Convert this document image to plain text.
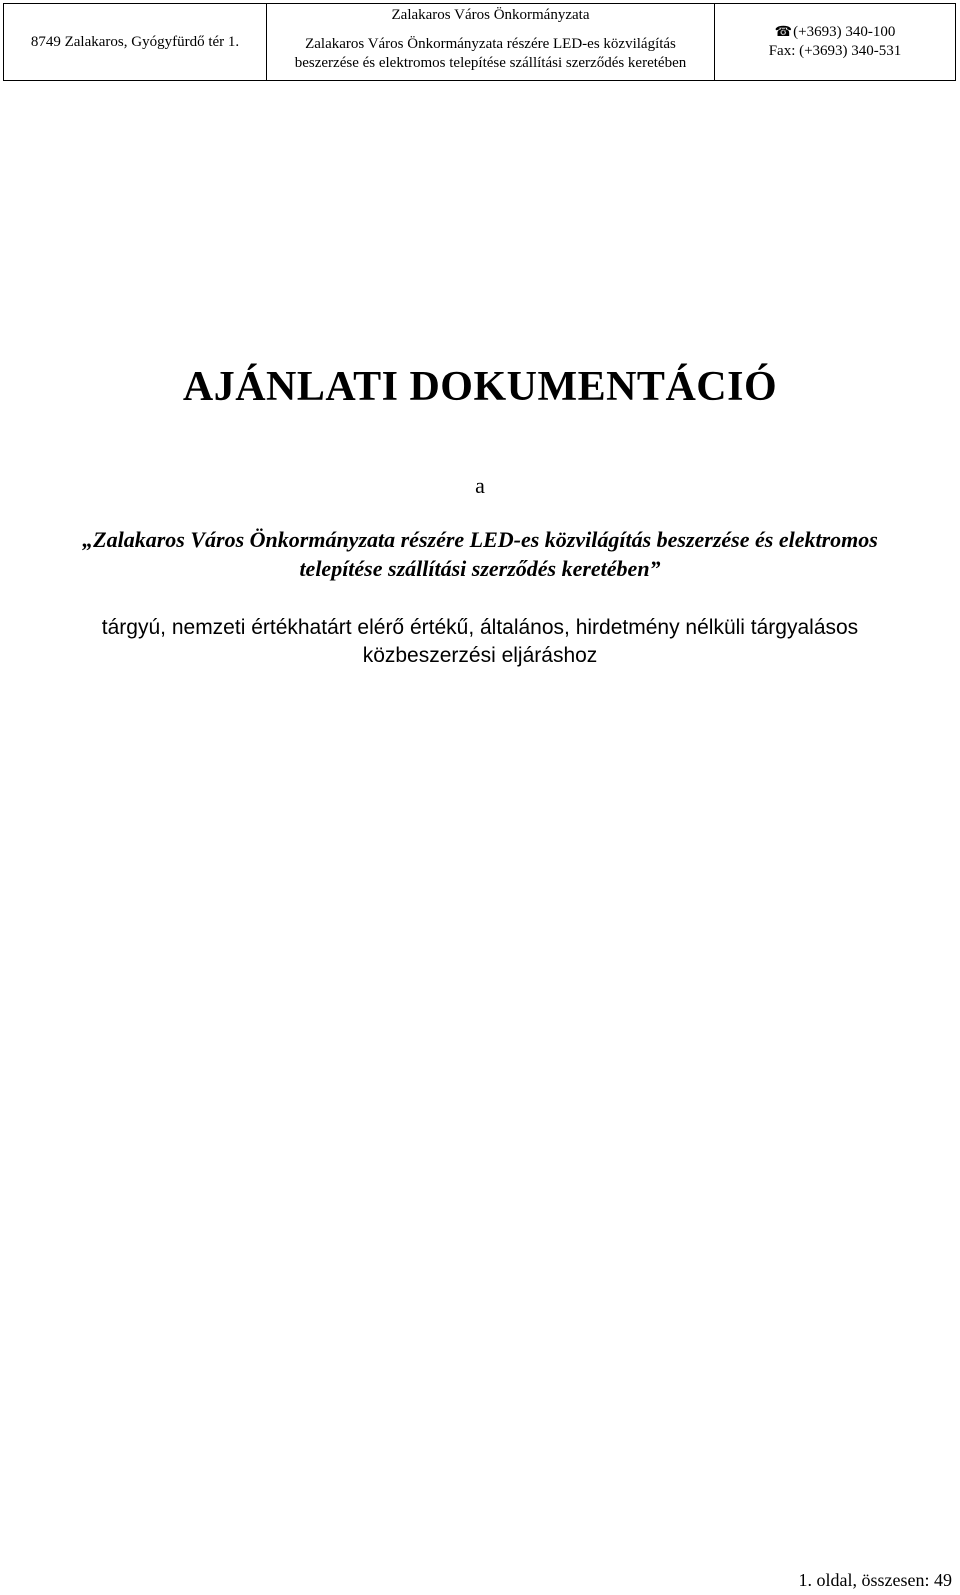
8749 Zalakaros, Gyógyfürdő tér 1.
Zalakaros Város Önkormányzata
Zalakaros Város Önkormányzata részére LED-es közvilágítás
beszerzése és elektromos telepítése szállítási szerződés keretében
☎(+3693) 340-100
Fax: (+3693) 340-531
AJÁNLATI DOKUMENTÁCIÓ
a
„Zalakaros Város Önkormányzata részére LED-es közvilágítás beszerzése és elektromos
telepítése szállítási szerződés keretében”
tárgyú, nemzeti értékhatárt elérő értékű, általános, hirdetmény nélküli tárgyalásos
közbeszerzési eljáráshoz
1. oldal, összesen: 49
